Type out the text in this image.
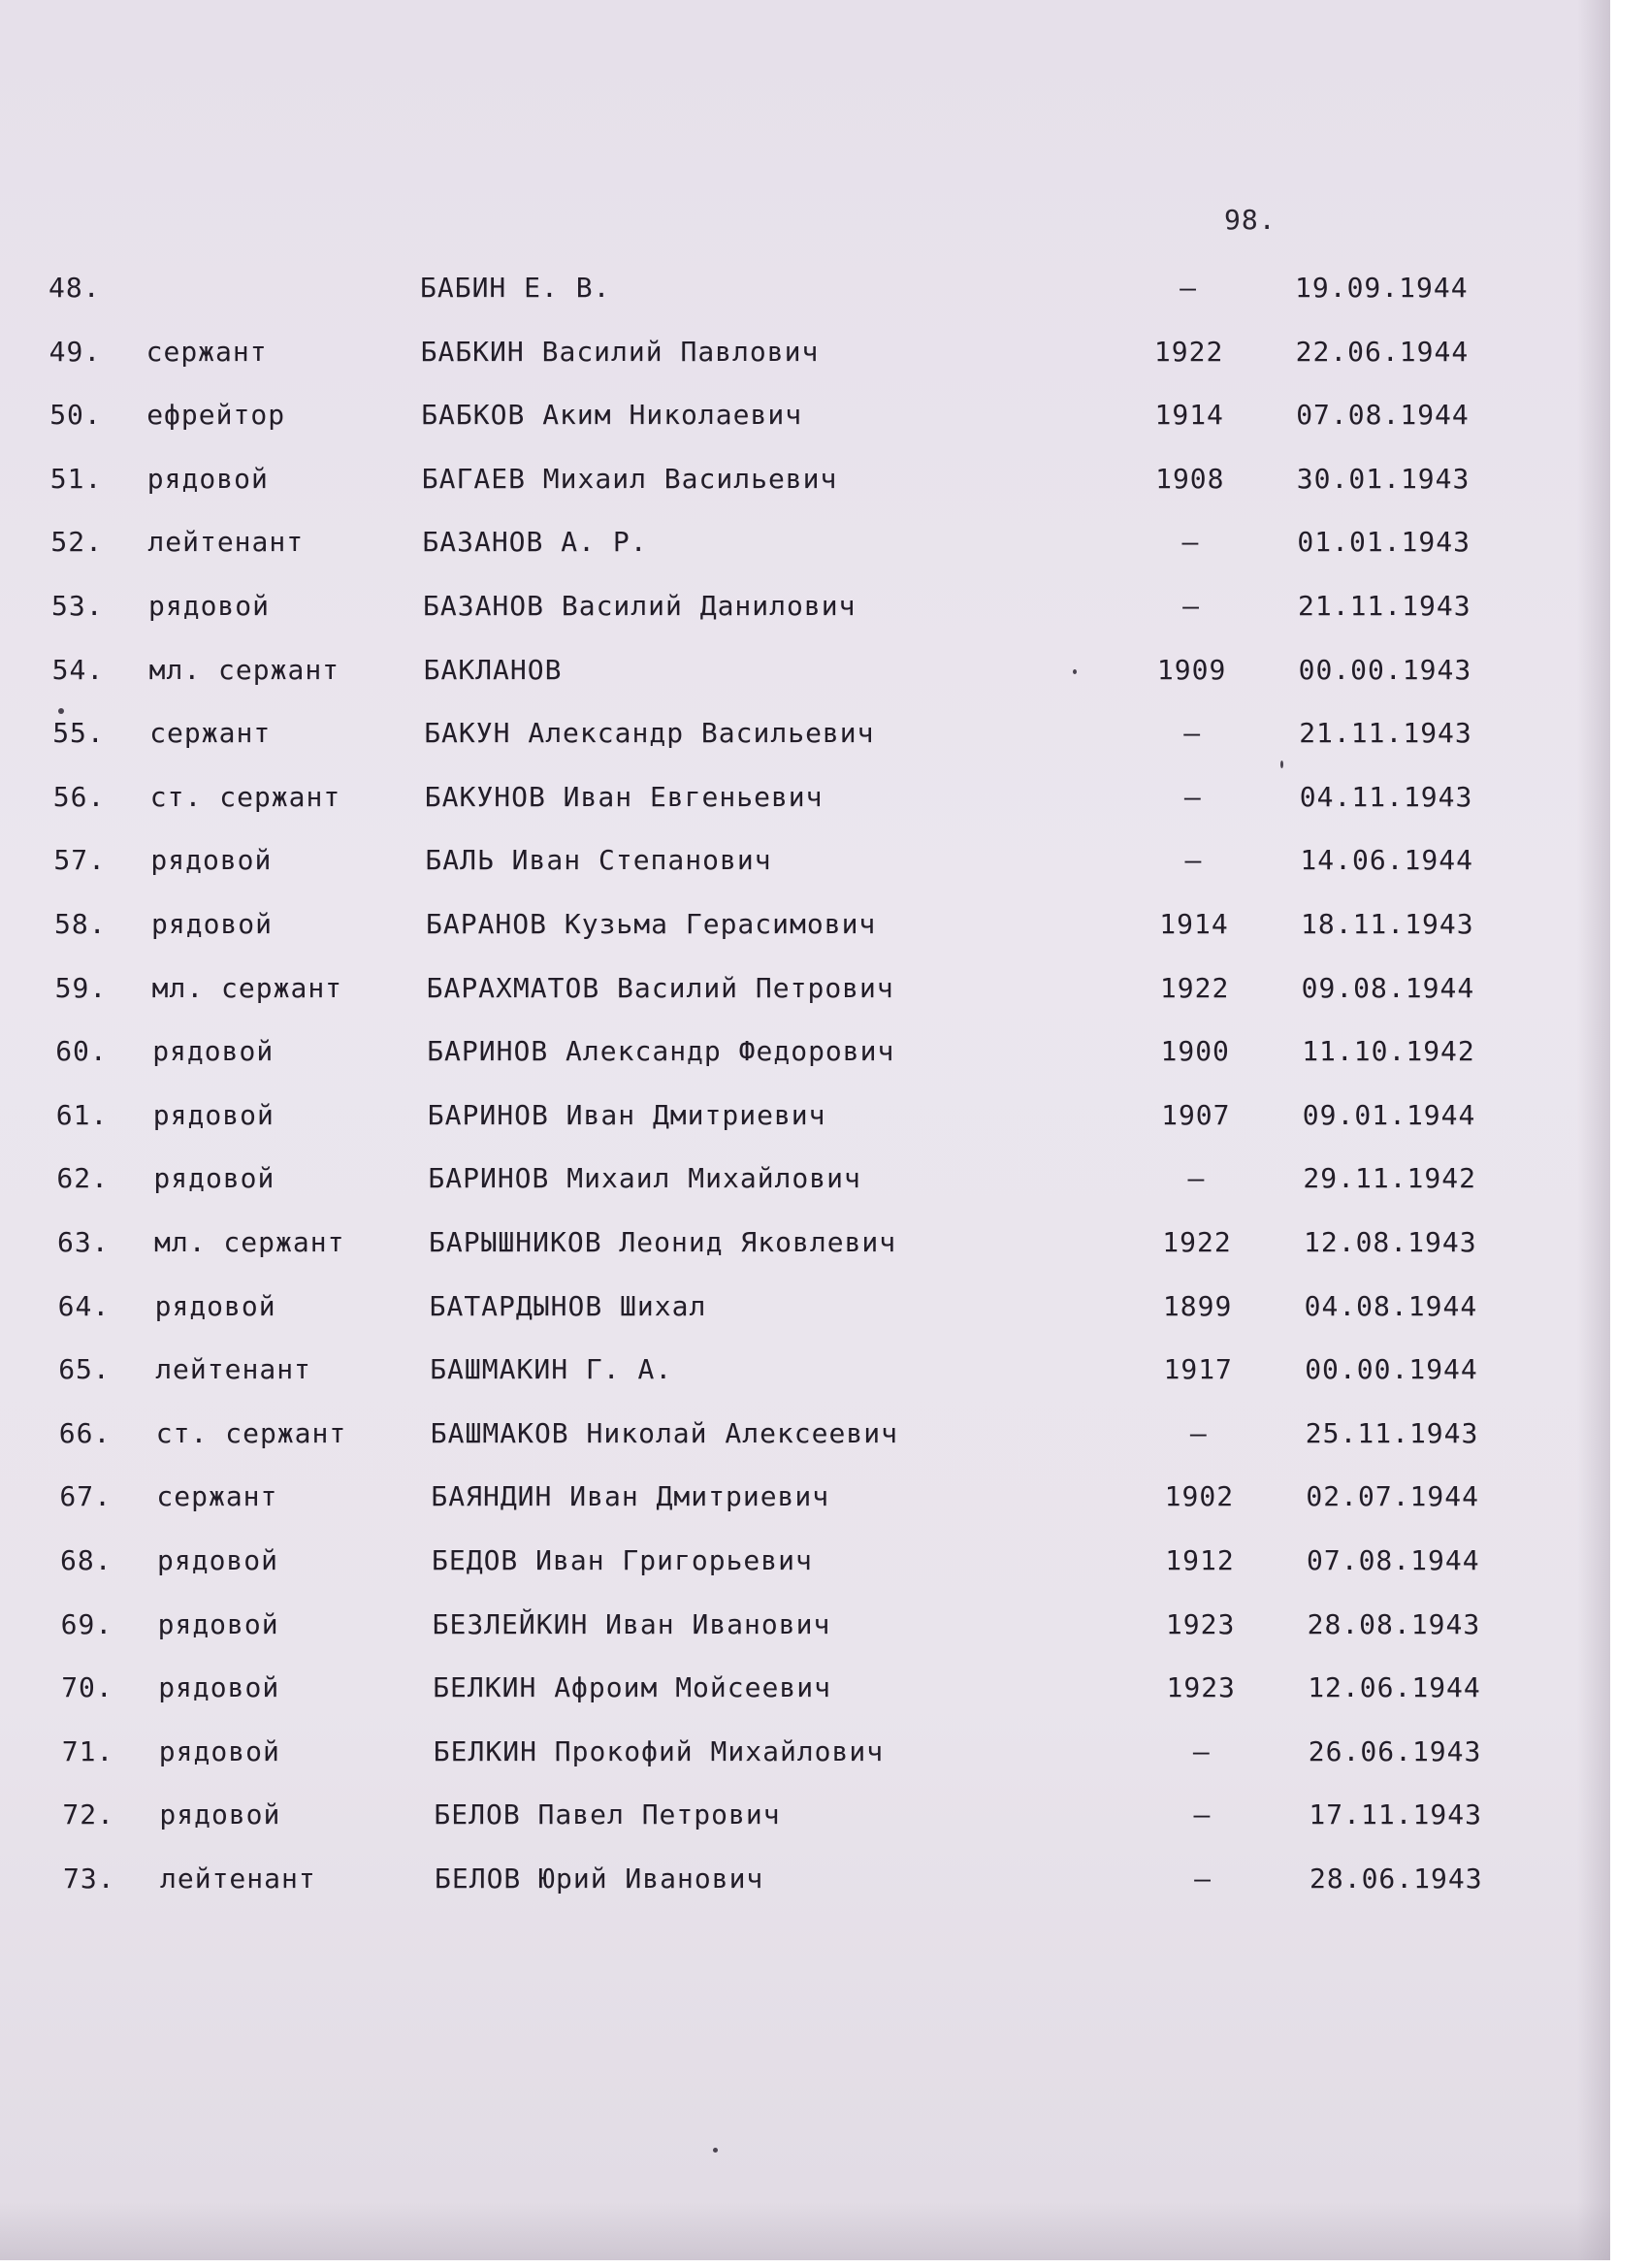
98.
48.	БАБИН Е. В.	–	19.09.1944
49. сержант	БАБКИН Василий Павлович	1922	22.06.1944
50. ефрейтор	БАБКОВ Аким Николаевич	1914	07.08.1944
51. рядовой	БАГАЕВ Михаил Васильевич	1908	30.01.1943
52. лейтенант	БАЗАНОВ А. Р.	–	01.01.1943
53. рядовой	БАЗАНОВ Василий Данилович	–	21.11.1943
54. мл. сержант	БАКЛАНОВ	1909	00.00.1943
55. сержант	БАКУН Александр Васильевич	–	21.11.1943
56. ст. сержант	БАКУНОВ Иван Евгеньевич	–	04.11.1943
57. рядовой	БАЛЬ Иван Степанович	–	14.06.1944
58. рядовой	БАРАНОВ Кузьма Герасимович	1914	18.11.1943
59. мл. сержант	БАРАХМАТОВ Василий Петрович	1922	09.08.1944
60. рядовой	БАРИНОВ Александр Федорович	1900	11.10.1942
61. рядовой	БАРИНОВ Иван Дмитриевич	1907	09.01.1944
62. рядовой	БАРИНОВ Михаил Михайлович	–	29.11.1942
63. мл. сержант	БАРЫШНИКОВ Леонид Яковлевич	1922	12.08.1943
64. рядовой	БАТАРДЫНОВ Шихал	1899	04.08.1944
65. лейтенант	БАШМАКИН Г. А.	1917	00.00.1944
66. ст. сержант	БАШМАКОВ Николай Алексеевич	–	25.11.1943
67. сержант	БАЯНДИН Иван Дмитриевич	1902	02.07.1944
68. рядовой	БЕДОВ Иван Григорьевич	1912	07.08.1944
69. рядовой	БЕЗЛЕЙКИН Иван Иванович	1923	28.08.1943
70. рядовой	БЕЛКИН Афроим Мойсеевич	1923	12.06.1944
71. рядовой	БЕЛКИН Прокофий Михайлович	–	26.06.1943
72. рядовой	БЕЛОВ Павел Петрович	–	17.11.1943
73. лейтенант	БЕЛОВ Юрий Иванович	–	28.06.1943
